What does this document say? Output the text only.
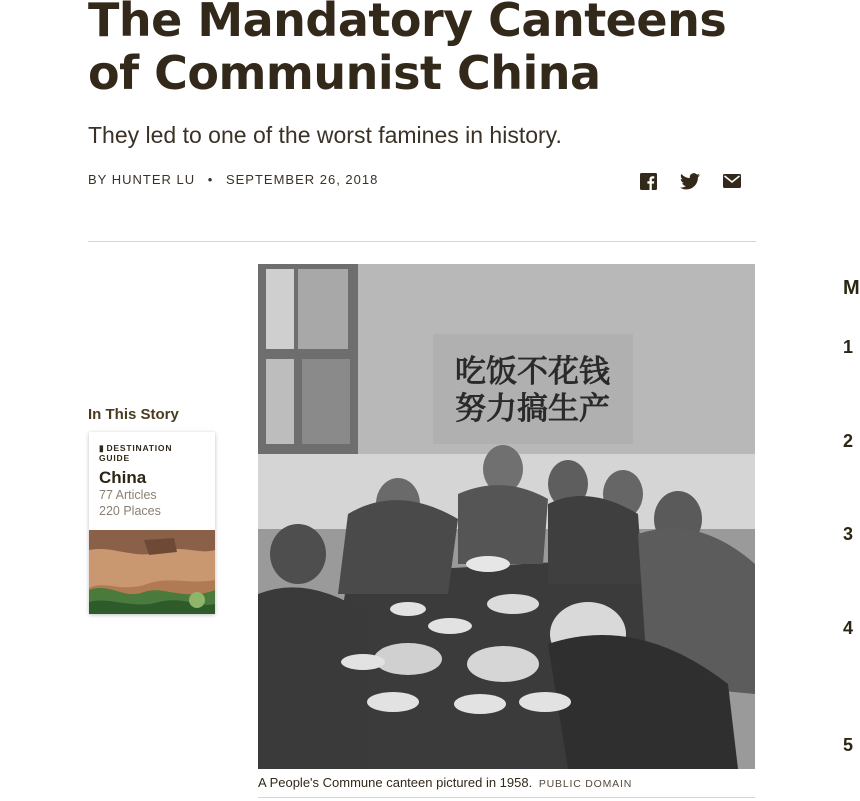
The Mandatory Canteens of Communist China

They led to one of the worst famines in history.

BY HUNTER LU • SEPTEMBER 26, 2018
In This Story
▮ DESTINATION
GUIDE
China
77 Articles
220 Places
吃饭不花钱
努力搞生产
A People's Commune canteen pictured in 1958. PUBLIC DOMAIN
M
1
2
3
4
5
